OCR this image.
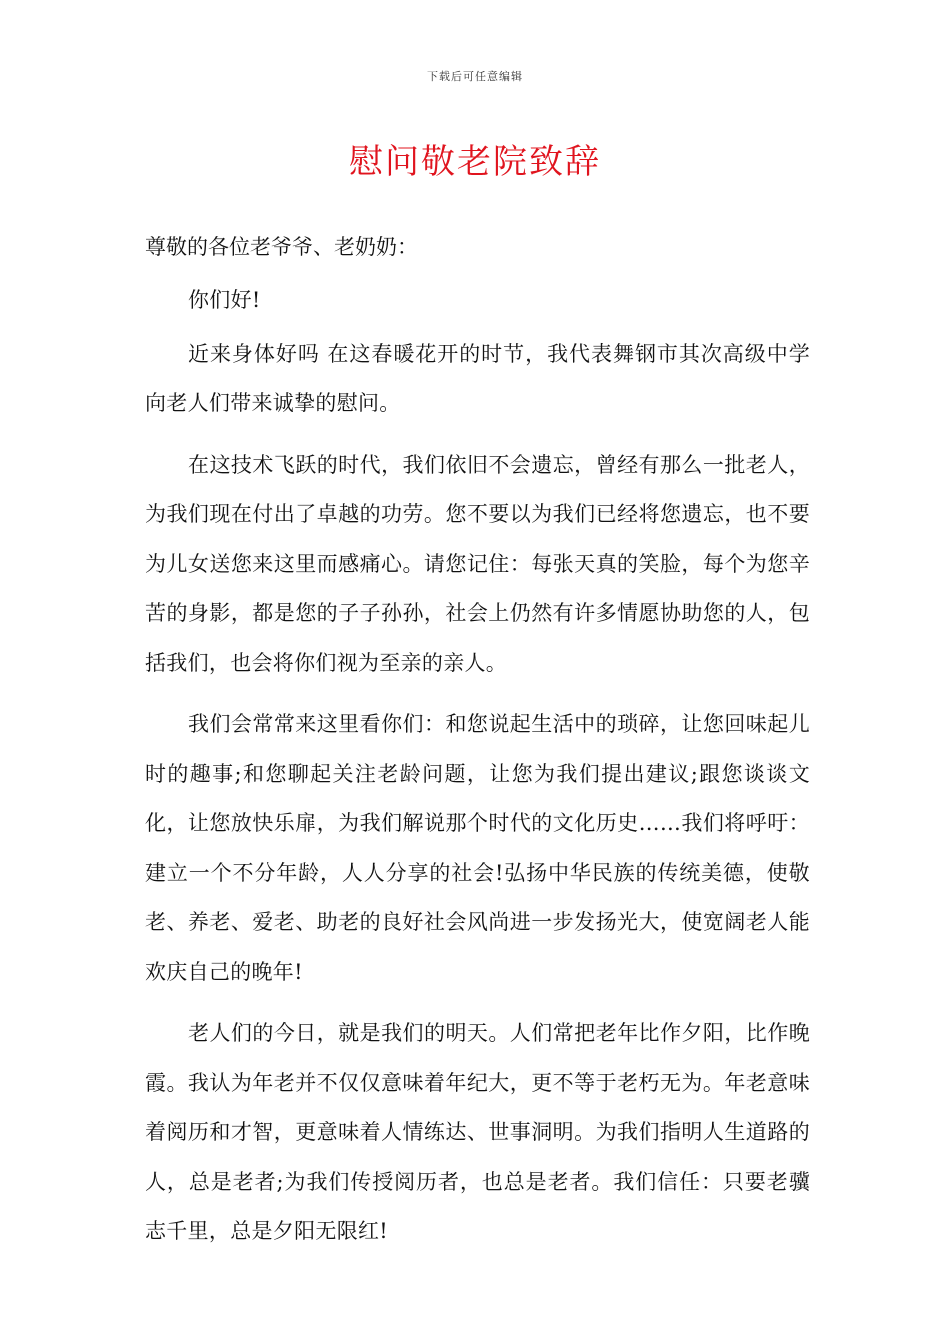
下载后可任意编辑
慰问敬老院致辞

尊敬的各位老爷爷、老奶奶：

你们好!

近来身体好吗 在这春暖花开的时节，我代表舞钢市其次高级中学向老人们带来诚挚的慰问。

在这技术飞跃的时代，我们依旧不会遗忘，曾经有那么一批老人，为我们现在付出了卓越的功劳。您不要以为我们已经将您遗忘，也不要为儿女送您来这里而感痛心。请您记住：每张天真的笑脸，每个为您辛苦的身影，都是您的子子孙孙，社会上仍然有许多情愿协助您的人，包括我们，也会将你们视为至亲的亲人。

我们会常常来这里看你们：和您说起生活中的琐碎，让您回味起儿时的趣事;和您聊起关注老龄问题，让您为我们提出建议;跟您谈谈文化，让您放快乐扉，为我们解说那个时代的文化历史……我们将呼吁：建立一个不分年龄，人人分享的社会!弘扬中华民族的传统美德，使敬老、养老、爱老、助老的良好社会风尚进一步发扬光大，使宽阔老人能欢庆自己的晚年!

老人们的今日，就是我们的明天。人们常把老年比作夕阳，比作晚霞。我认为年老并不仅仅意味着年纪大，更不等于老朽无为。年老意味着阅历和才智，更意味着人情练达、世事洞明。为我们指明人生道路的人，总是老者;为我们传授阅历者，也总是老者。我们信任：只要老骥志千里，总是夕阳无限红!
